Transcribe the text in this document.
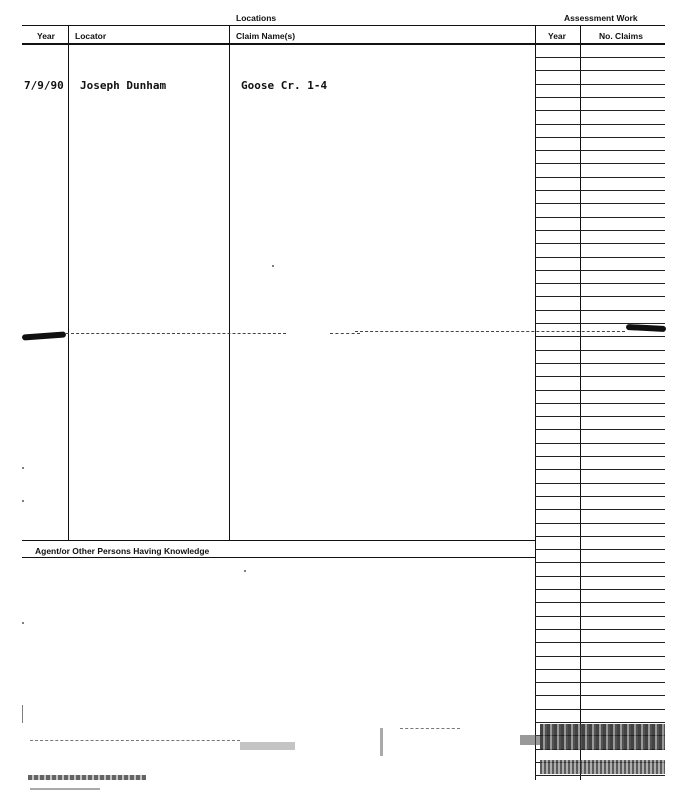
Locations	Assessment Work
Year Locator	Claim Name(s)	Year	No. Claims
7/9/90 Joseph Dunham	Goose Cr. 1-4
Agent/or Other Persons Having Knowledge
